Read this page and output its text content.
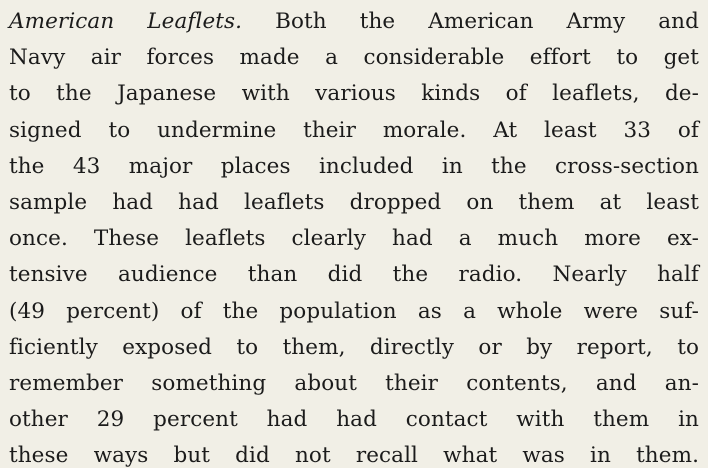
American Leaflets. Both the American Army and
Navy air forces made a considerable effort to get
to the Japanese with various kinds of leaflets, de-
signed to undermine their morale. At least 33 of
the 43 major places included in the cross-section
sample had had leaflets dropped on them at least
once. These leaflets clearly had a much more ex-
tensive audience than did the radio. Nearly half
(49 percent) of the population as a whole were suf-
ficiently exposed to them, directly or by report, to
remember something about their contents, and an-
other 29 percent had had contact with them in
these ways but did not recall what was in them.
